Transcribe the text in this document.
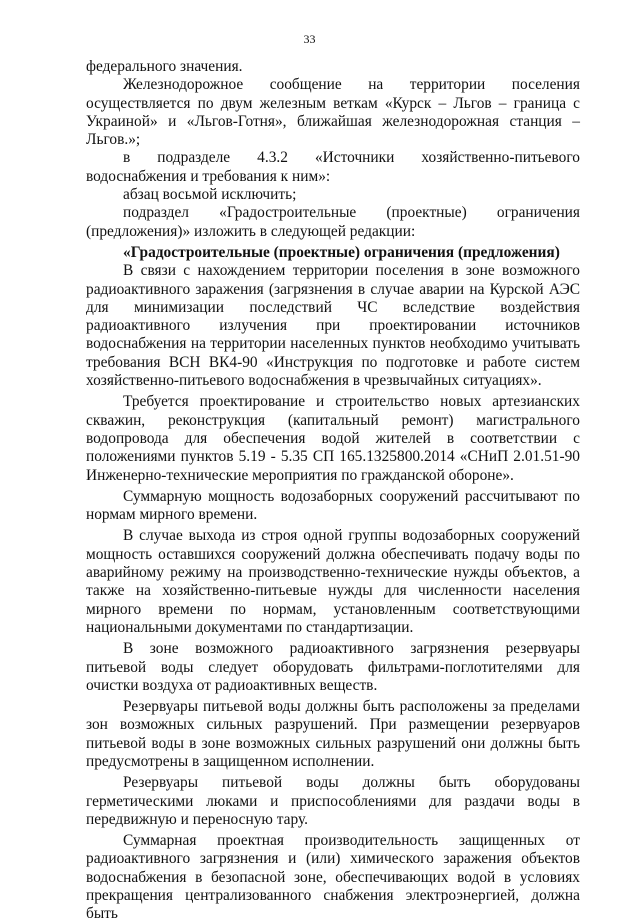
33

федерального значения.

Железнодорожное сообщение на территории поселения осуществляется по двум железным веткам «Курск – Льгов – граница с Украиной» и «Льгов-Готня», ближайшая железнодорожная станция – Льгов.»;

в подразделе 4.3.2 «Источники хозяйственно-питьевого водоснабжения и требования к ним»:

абзац восьмой исключить;

подраздел «Градостроительные (проектные) ограничения (предложения)» изложить в следующей редакции:

«Градостроительные (проектные) ограничения (предложения)

В связи с нахождением территории поселения в зоне возможного радиоактивного заражения (загрязнения в случае аварии на Курской АЭС для минимизации последствий ЧС вследствие воздействия радиоактивного излучения при проектировании источников водоснабжения на территории населенных пунктов необходимо учитывать требования ВСН ВК4-90 «Инструкция по подготовке и работе систем хозяйственно-питьевого водоснабжения в чрезвычайных ситуациях».

Требуется проектирование и строительство новых артезианских скважин, реконструкция (капитальный ремонт) магистрального водопровода для обеспечения водой жителей в соответствии с положениями пунктов 5.19 - 5.35 СП 165.1325800.2014 «СНиП 2.01.51-90 Инженерно-технические мероприятия по гражданской обороне».

Суммарную мощность водозаборных сооружений рассчитывают по нормам мирного времени.

В случае выхода из строя одной группы водозаборных сооружений мощность оставшихся сооружений должна обеспечивать подачу воды по аварийному режиму на производственно-технические нужды объектов, а также на хозяйственно-питьевые нужды для численности населения мирного времени по нормам, установленным соответствующими национальными документами по стандартизации.

В зоне возможного радиоактивного загрязнения резервуары питьевой воды следует оборудовать фильтрами-поглотителями для очистки воздуха от радиоактивных веществ.

Резервуары питьевой воды должны быть расположены за пределами зон возможных сильных разрушений. При размещении резервуаров питьевой воды в зоне возможных сильных разрушений они должны быть предусмотрены в защищенном исполнении.

Резервуары питьевой воды должны быть оборудованы герметическими люками и приспособлениями для раздачи воды в передвижную и переносную тару.

Суммарная проектная производительность защищенных от радиоактивного загрязнения и (или) химического заражения объектов водоснабжения в безопасной зоне, обеспечивающих водой в условиях прекращения централизованного снабжения электроэнергией, должна быть
